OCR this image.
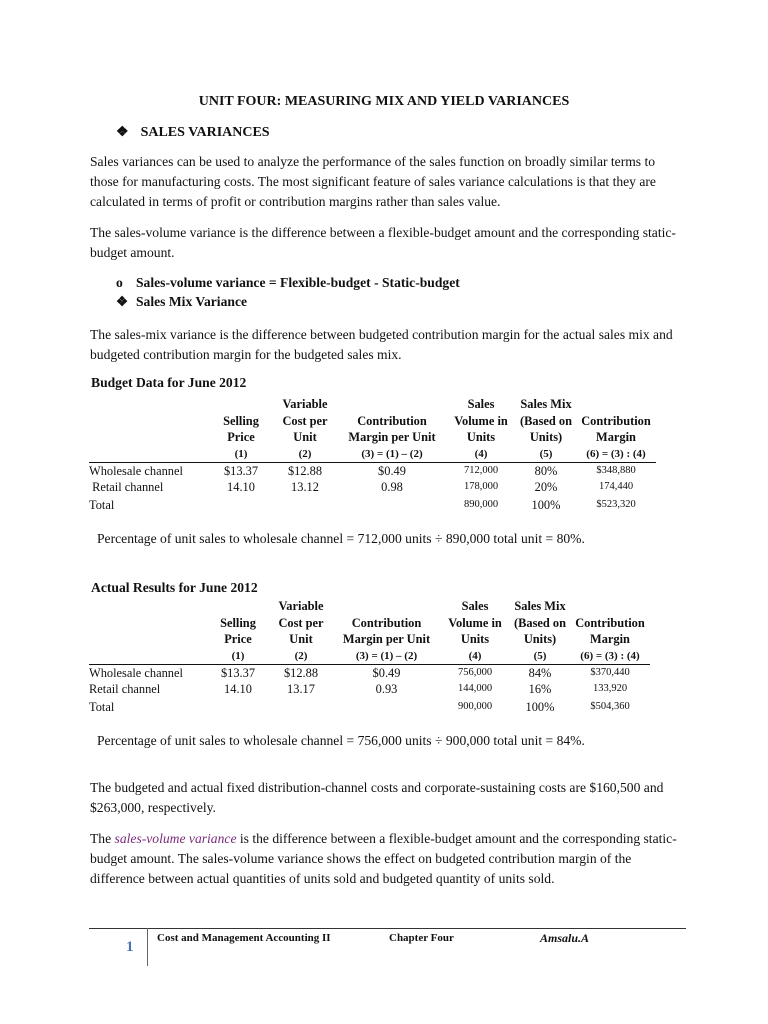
UNIT FOUR: MEASURING MIX AND YIELD VARIANCES
❖ SALES VARIANCES
Sales variances can be used to analyze the performance of the sales function on broadly similar terms to those for manufacturing costs. The most significant feature of sales variance calculations is that they are calculated in terms of profit or contribution margins rather than sales value.
The sales-volume variance is the difference between a flexible-budget amount and the corresponding static-budget amount.
o Sales-volume variance = Flexible-budget - Static-budget
❖ Sales Mix Variance
The sales-mix variance is the difference between budgeted contribution margin for the actual sales mix and budgeted contribution margin for the budgeted sales mix.
Budget Data for June 2012
		Variable		Sales	Sales Mix	
	Selling	Cost per	Contribution	Volume in	(Based on	Contribution
	Price	Unit	Margin per Unit	Units	Units)	Margin
	(1)	(2)	(3) = (1) – (2)	(4)	(5)	(6) = (3) : (4)
Wholesale channel	$13.37	$12.88	$0.49	712,000	80%	$348,880
Retail channel	14.10	13.12	0.98	178,000	20%	174,440
Total				890,000	100%	$523,320
Percentage of unit sales to wholesale channel = 712,000 units ÷ 890,000 total unit = 80%.
Actual Results for June 2012
		Variable		Sales	Sales Mix	
	Selling	Cost per	Contribution	Volume in	(Based on	Contribution
	Price	Unit	Margin per Unit	Units	Units)	Margin
	(1)	(2)	(3) = (1) – (2)	(4)	(5)	(6) = (3) : (4)
Wholesale channel	$13.37	$12.88	$0.49	756,000	84%	$370,440
Retail channel	14.10	13.17	0.93	144,000	16%	133,920
Total				900,000	100%	$504,360
Percentage of unit sales to wholesale channel = 756,000 units ÷ 900,000 total unit = 84%.
The budgeted and actual fixed distribution-channel costs and corporate-sustaining costs are $160,500 and $263,000, respectively.
The sales-volume variance is the difference between a flexible-budget amount and the corresponding static-budget amount. The sales-volume variance shows the effect on budgeted contribution margin of the difference between actual quantities of units sold and budgeted quantity of units sold.
1
Cost and Management Accounting II	Chapter Four	Amsalu.A
